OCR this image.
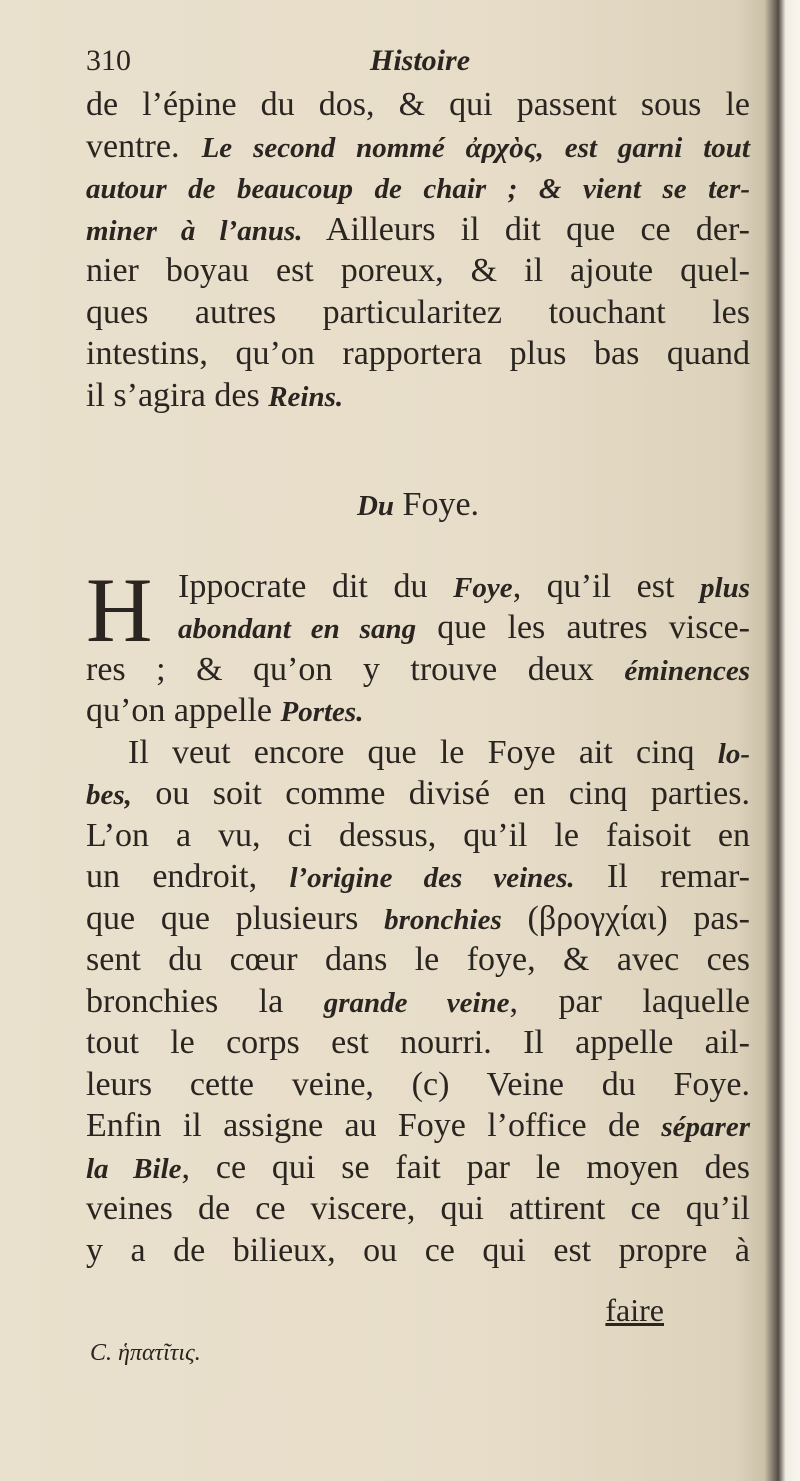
310	Histoire
de l’épine du dos, & qui passent sous le
ventre. Le second nommé ἀρχὸς, est garni tout
autour de beaucoup de chair ; & vient se ter-
miner à l’anus. Ailleurs il dit que ce der-
nier boyau est poreux, & il ajoute quel-
ques autres particularitez touchant les
intestins, qu’on rapportera plus bas quand
il s’agira des Reins.
Du Foye.
H Ippocrate dit du Foye, qu’il est plus
abondant en sang que les autres visce-
res ; & qu’on y trouve deux éminences
qu’on appelle Portes.
Il veut encore que le Foye ait cinq lo-
bes, ou soit comme divisé en cinq parties.
L’on a vu, ci dessus, qu’il le faisoit en
un endroit, l’origine des veines. Il remar-
que que plusieurs bronchies (βρογχίαι) pas-
sent du cœur dans le foye, & avec ces
bronchies la grande veine, par laquelle
tout le corps est nourri. Il appelle ail-
leurs cette veine, (c) Veine du Foye.
Enfin il assigne au Foye l’office de séparer
la Bile, ce qui se fait par le moyen des
veines de ce viscere, qui attirent ce qu’il
y a de bilieux, ou ce qui est propre à
faire
C. ἡπατῖτις.
